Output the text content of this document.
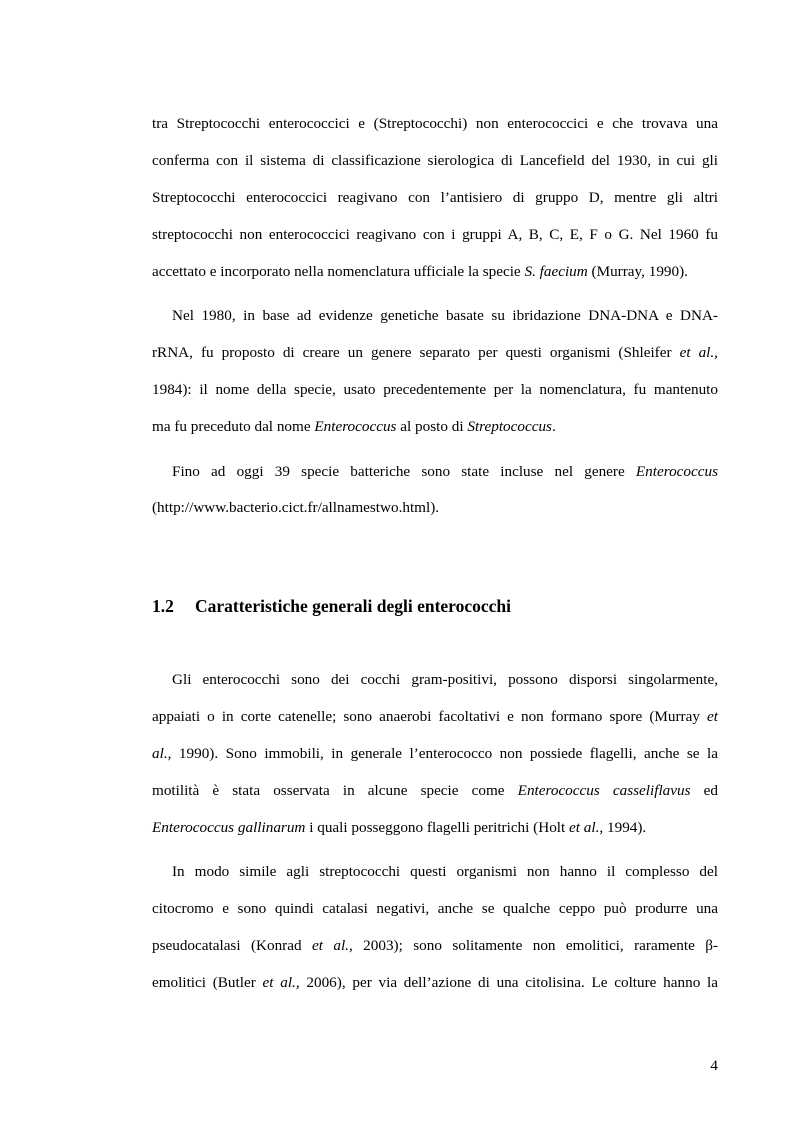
tra Streptococchi enterococcici e (Streptococchi) non enterococcici e che trovava una
conferma con il sistema di classificazione sierologica di Lancefield del 1930, in cui gli
Streptococchi enterococcici reagivano con l’antisiero di gruppo D, mentre gli altri
streptococchi non enterococcici reagivano con i gruppi A, B, C, E, F o G. Nel 1960 fu
accettato e incorporato nella nomenclatura ufficiale la specie S. faecium (Murray, 1990).
Nel 1980, in base ad evidenze genetiche basate su ibridazione DNA-DNA e DNA-
rRNA, fu proposto di creare un genere separato per questi organismi (Shleifer et al.,
1984): il nome della specie, usato precedentemente per la nomenclatura, fu mantenuto
ma fu preceduto dal nome Enterococcus al posto di Streptococcus.
Fino ad oggi 39 specie batteriche sono state incluse nel genere Enterococcus
(http://www.bacterio.cict.fr/allnamestwo.html).
1.2 Caratteristiche generali degli enterococchi
Gli enterococchi sono dei cocchi gram-positivi, possono disporsi singolarmente,
appaiati o in corte catenelle; sono anaerobi facoltativi e non formano spore (Murray et
al., 1990). Sono immobili, in generale l’enterococco non possiede flagelli, anche se la
motilità è stata osservata in alcune specie come Enterococcus casseliflavus ed
Enterococcus gallinarum i quali posseggono flagelli peritrichi (Holt et al., 1994).
In modo simile agli streptococchi questi organismi non hanno il complesso del
citocromo e sono quindi catalasi negativi, anche se qualche ceppo può produrre una
pseudocatalasi (Konrad et al., 2003); sono solitamente non emolitici, raramente β-
emolitici (Butler et al., 2006), per via dell’azione di una citolisina. Le colture hanno la
4
